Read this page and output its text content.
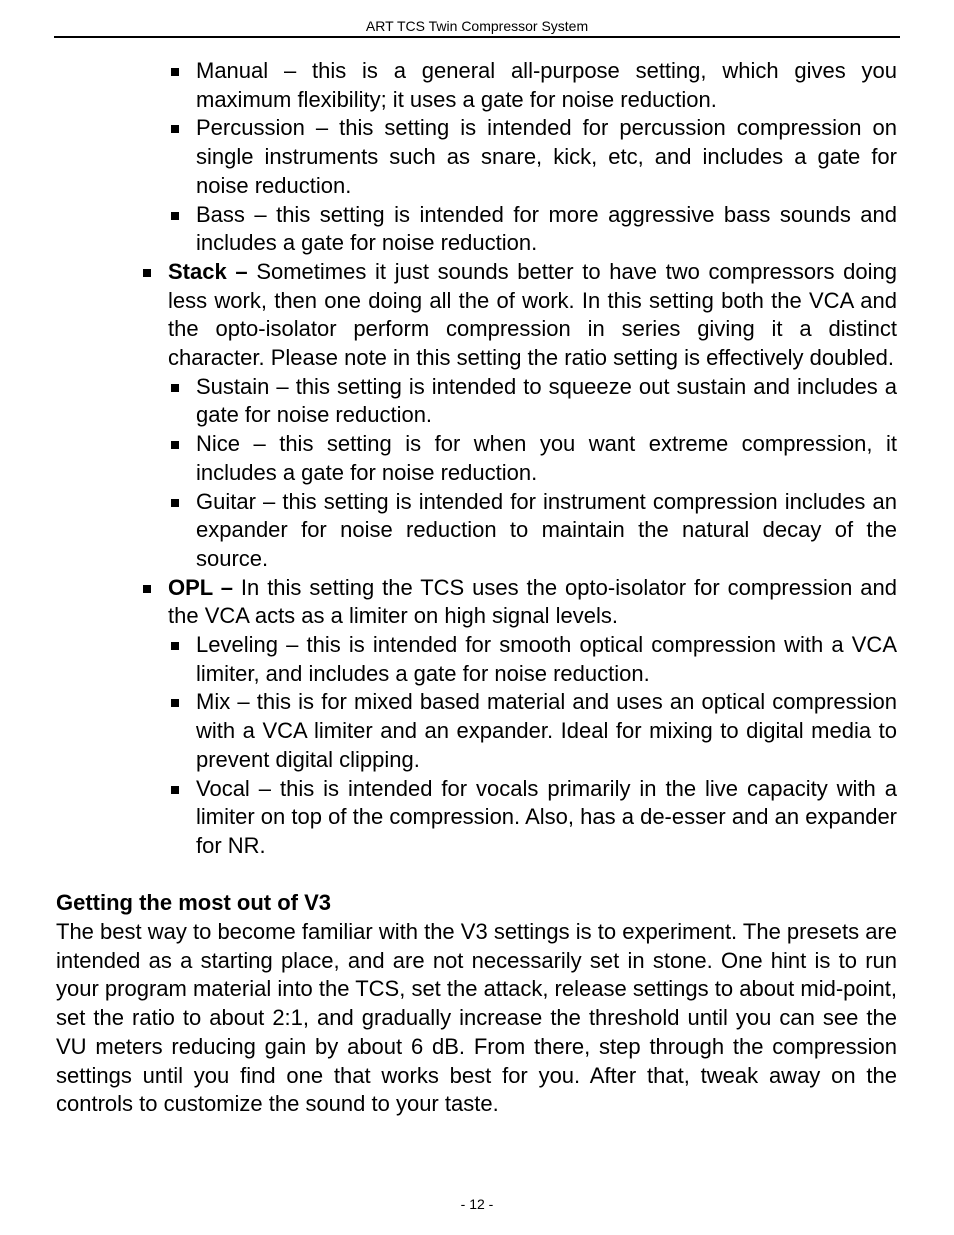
ART TCS Twin Compressor System
Manual – this is a general all-purpose setting, which gives you maximum flexibility; it uses a gate for noise reduction.
Percussion – this setting is intended for percussion compression on single instruments such as snare, kick, etc, and includes a gate for noise reduction.
Bass – this setting is intended for more aggressive bass sounds and includes a gate for noise reduction.
Stack – Sometimes it just sounds better to have two compressors doing less work, then one doing all the of work. In this setting both the VCA and the opto-isolator perform compression in series giving it a distinct character. Please note in this setting the ratio setting is effectively doubled.
Sustain – this setting is intended to squeeze out sustain and includes a gate for noise reduction.
Nice – this setting is for when you want extreme compression, it includes a gate for noise reduction.
Guitar – this setting is intended for instrument compression includes an expander for noise reduction to maintain the natural decay of the source.
OPL – In this setting the TCS uses the opto-isolator for compression and the VCA acts as a limiter on high signal levels.
Leveling – this is intended for smooth optical compression with a VCA limiter, and includes a gate for noise reduction.
Mix – this is for mixed based material and uses an optical compression with a VCA limiter and an expander. Ideal for mixing to digital media to prevent digital clipping.
Vocal – this is intended for vocals primarily in the live capacity with a limiter on top of the compression. Also, has a de-esser and an expander for NR.
Getting the most out of V3
The best way to become familiar with the V3 settings is to experiment. The presets are intended as a starting place, and are not necessarily set in stone. One hint is to run your program material into the TCS, set the attack, release settings to about mid-point, set the ratio to about 2:1, and gradually increase the threshold until you can see the VU meters reducing gain by about 6 dB. From there, step through the compression settings until you find one that works best for you. After that, tweak away on the controls to customize the sound to your taste.
- 12 -
